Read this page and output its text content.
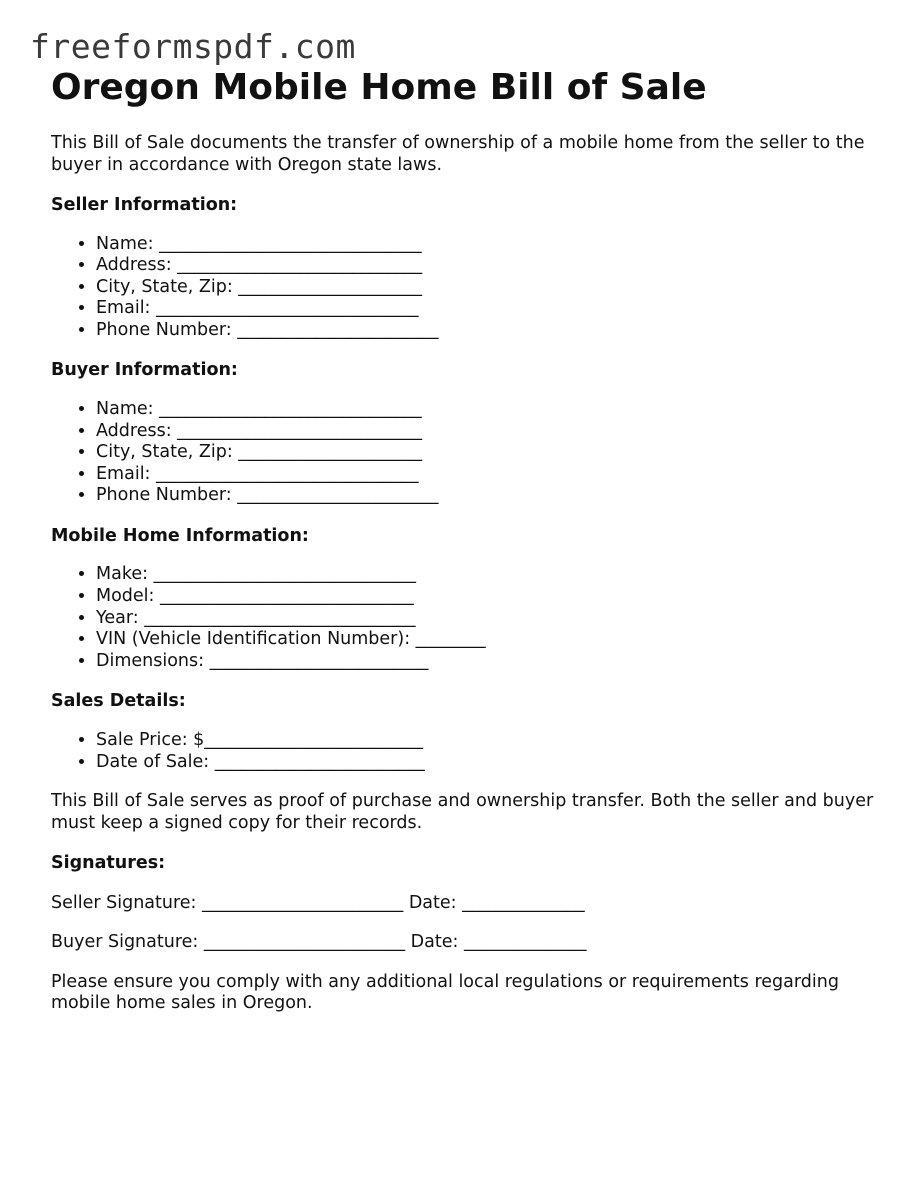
freeformspdf.com
Oregon Mobile Home Bill of Sale

This Bill of Sale documents the transfer of ownership of a mobile home from the seller to the buyer in accordance with Oregon state laws.

Seller Information:
• Name: ______________________________
• Address: ____________________________
• City, State, Zip: _____________________
• Email: ______________________________
• Phone Number: _______________________
Buyer Information:
• Name: ______________________________
• Address: ____________________________
• City, State, Zip: _____________________
• Email: ______________________________
• Phone Number: _______________________
Mobile Home Information:
• Make: ______________________________
• Model: _____________________________
• Year: _______________________________
• VIN (Vehicle Identification Number): ________
• Dimensions: _________________________
Sales Details:
• Sale Price: $_________________________
• Date of Sale: ________________________

This Bill of Sale serves as proof of purchase and ownership transfer. Both the seller and buyer must keep a signed copy for their records.

Signatures:

Seller Signature: _______________________ Date: ______________

Buyer Signature: _______________________ Date: ______________

Please ensure you comply with any additional local regulations or requirements regarding mobile home sales in Oregon.
